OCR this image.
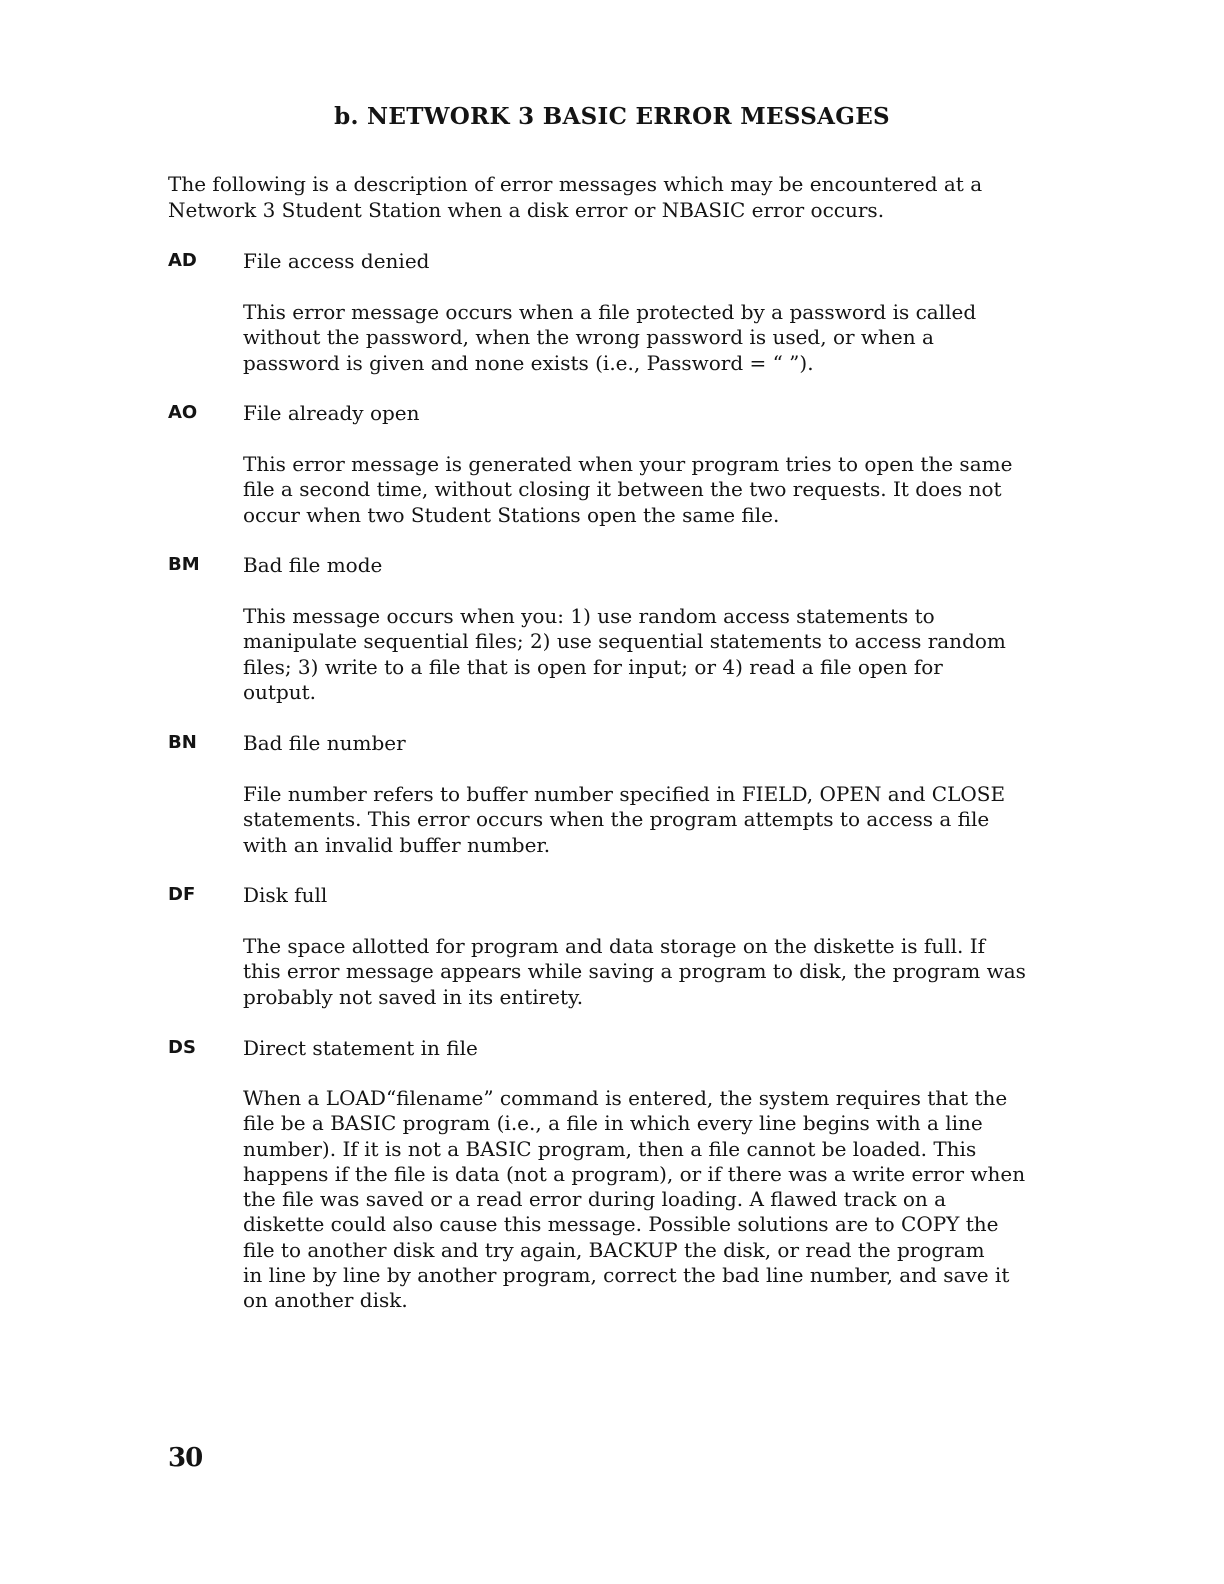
b. NETWORK 3 BASIC ERROR MESSAGES

The following is a description of error messages which may be encountered at a
Network 3 Student Station when a disk error or NBASIC error occurs.

AD File access denied

This error message occurs when a file protected by a password is called
without the password, when the wrong password is used, or when a
password is given and none exists (i.e., Password = “ ”).

AO File already open

This error message is generated when your program tries to open the same
file a second time, without closing it between the two requests. It does not
occur when two Student Stations open the same file.

BM Bad file mode

This message occurs when you: 1) use random access statements to
manipulate sequential files; 2) use sequential statements to access random
files; 3) write to a file that is open for input; or 4) read a file open for
output.

BN Bad file number

File number refers to buffer number specified in FIELD, OPEN and CLOSE
statements. This error occurs when the program attempts to access a file
with an invalid buffer number.

DF Disk full

The space allotted for program and data storage on the diskette is full. If
this error message appears while saving a program to disk, the program was
probably not saved in its entirety.

DS Direct statement in file

When a LOAD“filename” command is entered, the system requires that the
file be a BASIC program (i.e., a file in which every line begins with a line
number). If it is not a BASIC program, then a file cannot be loaded. This
happens if the file is data (not a program), or if there was a write error when
the file was saved or a read error during loading. A flawed track on a
diskette could also cause this message. Possible solutions are to COPY the
file to another disk and try again, BACKUP the disk, or read the program
in line by line by another program, correct the bad line number, and save it
on another disk.

30
